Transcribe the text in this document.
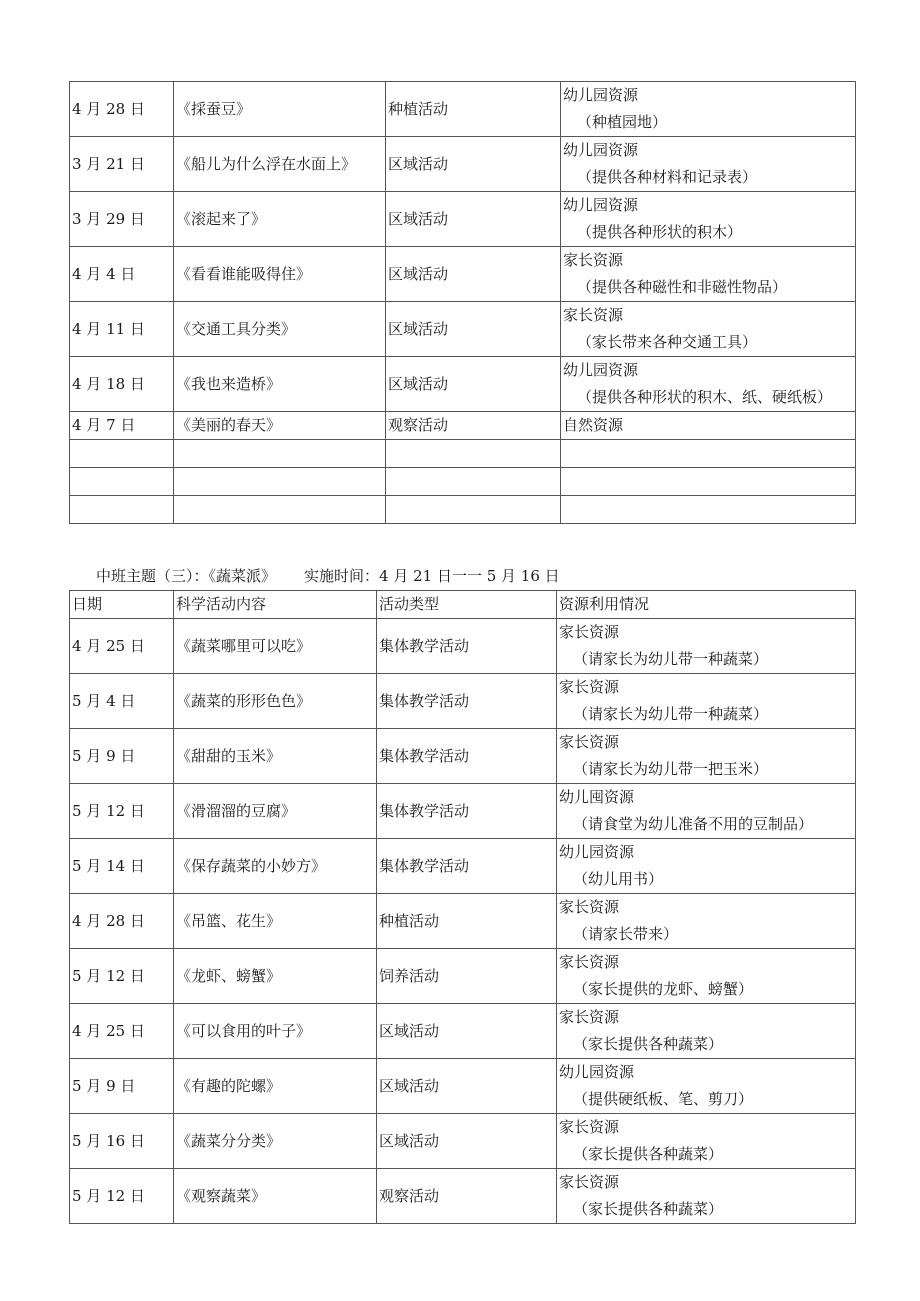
4 月 28 日	《採蚕豆》	种植活动	幼儿园资源
（种植园地）

3 月 21 日	《船儿为什么浮在水面上》	区域活动	幼儿园资源
（提供各种材料和记录表）

3 月 29 日	《滚起来了》	区域活动	幼儿园资源
（提供各种形状的积木）

4 月 4 日	《看看谁能吸得住》	区域活动	家长资源
（提供各种磁性和非磁性物品）

4 月 11 日	《交通工具分类》	区域活动	家长资源
（家长带来各种交通工具）

4 月 18 日	《我也来造桥》	区域活动	幼儿园资源
（提供各种形状的积木、纸、硬纸板）

4 月 7 日	《美丽的春天》	观察活动	自然资源

中班主题（三）：《蔬菜派》 实施时间：4 月 21 日一一 5 月 16 日
日期	科学活动内容	活动类型	资源利用情况
4 月 25 日	《蔬菜哪里可以吃》	集体教学活动	家长资源
（请家长为幼儿带一种蔬菜）

5 月 4 日	《蔬菜的形形色色》	集体教学活动	家长资源
（请家长为幼儿带一种蔬菜）

5 月 9 日	《甜甜的玉米》	集体教学活动	家长资源
（请家长为幼儿带一把玉米）

5 月 12 日	《滑溜溜的豆腐》	集体教学活动	幼儿囤资源
（请食堂为幼儿准备不用的豆制品）

5 月 14 日	《保存蔬菜的小妙方》	集体教学活动	幼儿园资源
（幼儿用书）

4 月 28 日	《吊篮、花生》	种植活动	家长资源
（请家长带来）

5 月 12 日	《龙虾、螃蟹》	饲养活动	家长资源
（家长提供的龙虾、螃蟹）

4 月 25 日	《可以食用的叶子》	区域活动	家长资源
（家长提供各种蔬菜）

5 月 9 日	《有趣的陀螺》	区域活动	幼儿园资源
（提供硬纸板、笔、剪刀）

5 月 16 日	《蔬菜分分类》	区域活动	家长资源
（家长提供各种蔬菜）

5 月 12 日	《观察蔬菜》	观察活动	家长资源
（家长提供各种蔬菜）
